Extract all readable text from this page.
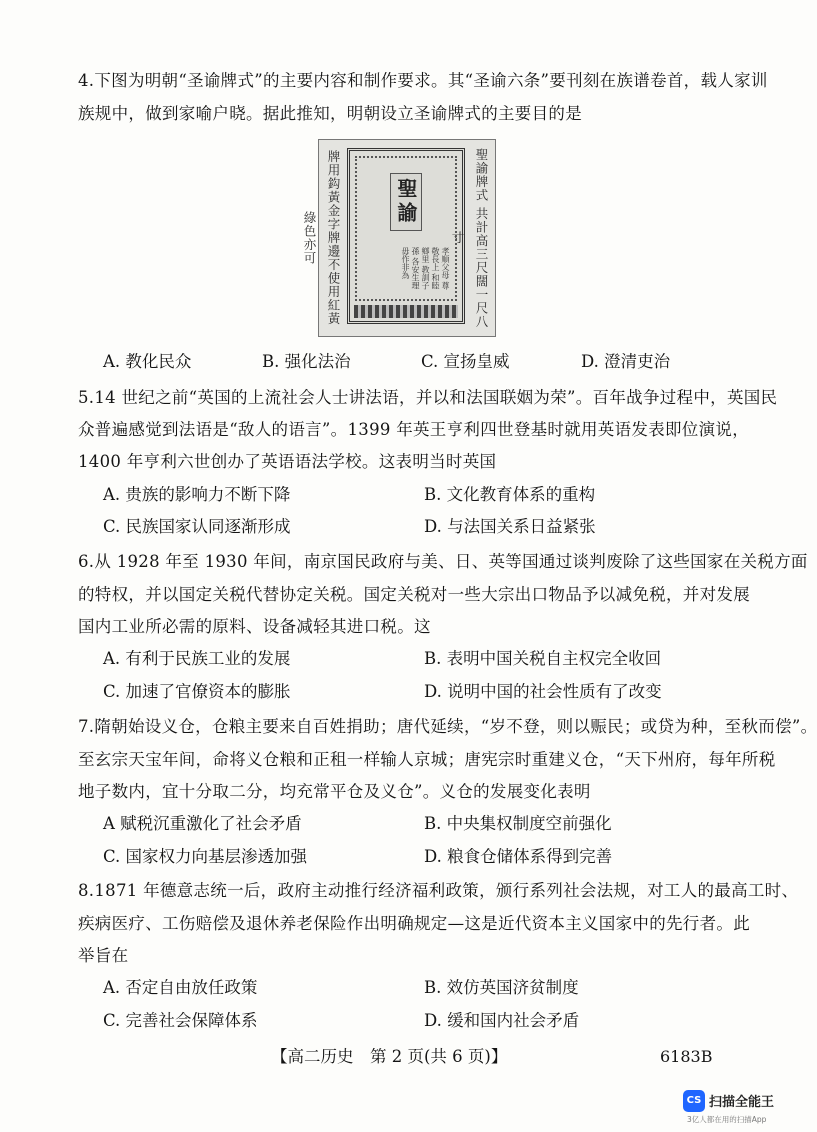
4.下图为明朝“圣谕牌式”的主要内容和制作要求。其“圣谕六条”要刊刻在族谱卷首，载人家训
族规中，做到家喻户晓。据此推知，明朝设立圣谕牌式的主要目的是
牌用鈎黃金字牌邊不使用紅黃綠色亦可
聖諭
孝順父母 尊敬長上 和睦鄉里 教訓子孫 各安生理 毋作非為	聖諭牌式 共計高三尺闊一尺八寸
A. 教化民众	B. 强化法治	C. 宣扬皇威	D. 澄清吏治
5.14 世纪之前“英国的上流社会人士讲法语，并以和法国联姻为荣”。百年战争过程中，英国民
众普遍感觉到法语是“敌人的语言”。1399 年英王亨利四世登基时就用英语发表即位演说，
1400 年亨利六世创办了英语语法学校。这表明当时英国
A. 贵族的影响力不断下降	B. 文化教育体系的重构
C. 民族国家认同逐渐形成	D. 与法国关系日益紧张
6.从 1928 年至 1930 年间，南京国民政府与美、日、英等国通过谈判废除了这些国家在关税方面
的特权，并以国定关税代替协定关税。国定关税对一些大宗出口物品予以减免税，并对发展
国内工业所必需的原料、设备减轻其进口税。这
A. 有利于民族工业的发展	B. 表明中国关税自主权完全收回
C. 加速了官僚资本的膨胀	D. 说明中国的社会性质有了改变
7.隋朝始设义仓，仓粮主要来自百姓捐助；唐代延续，“岁不登，则以赈民；或贷为种，至秋而偿”。
至玄宗天宝年间，命将义仓粮和正租一样输人京城；唐宪宗时重建义仓，“天下州府，每年所税
地子数内，宜十分取二分，均充常平仓及义仓”。义仓的发展变化表明
A 赋税沉重激化了社会矛盾	B. 中央集权制度空前强化
C. 国家权力向基层渗透加强	D. 粮食仓储体系得到完善
8.1871 年德意志统一后，政府主动推行经济福利政策，颁行系列社会法规，对工人的最高工时、
疾病医疗、工伤赔偿及退休养老保险作出明确规定—这是近代资本主义国家中的先行者。此
举旨在
A. 否定自由放任政策	B. 效仿英国济贫制度
【高二历史　第 2 页(共 6 页)】	6183B
CS 扫描全能王
3亿人都在用的扫描App
C. 完善社会保障体系	D. 缓和国内社会矛盾
